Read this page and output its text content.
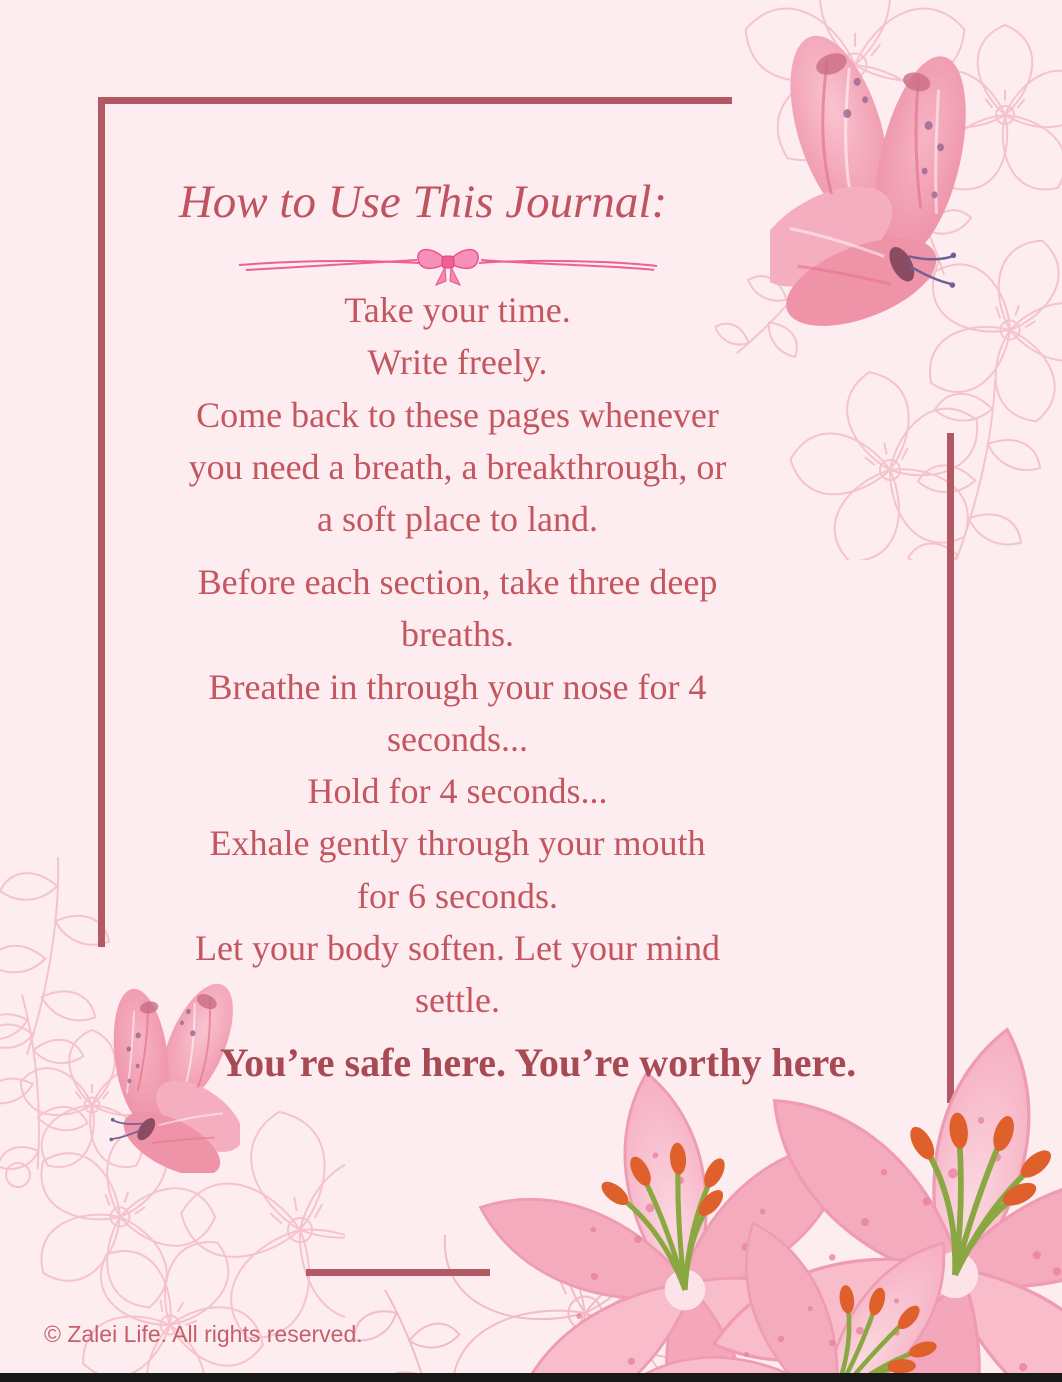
How to Use This Journal:
Take your time.
Write freely.
Come back to these pages whenever
you need a breath, a breakthrough, or
a soft place to land.
Before each section, take three deep
breaths.
Breathe in through your nose for 4
seconds...
Hold for 4 seconds...
Exhale gently through your mouth
for 6 seconds.
Let your body soften. Let your mind
settle.
You’re safe here. You’re worthy here.
© Zalei Life. All rights reserved.
